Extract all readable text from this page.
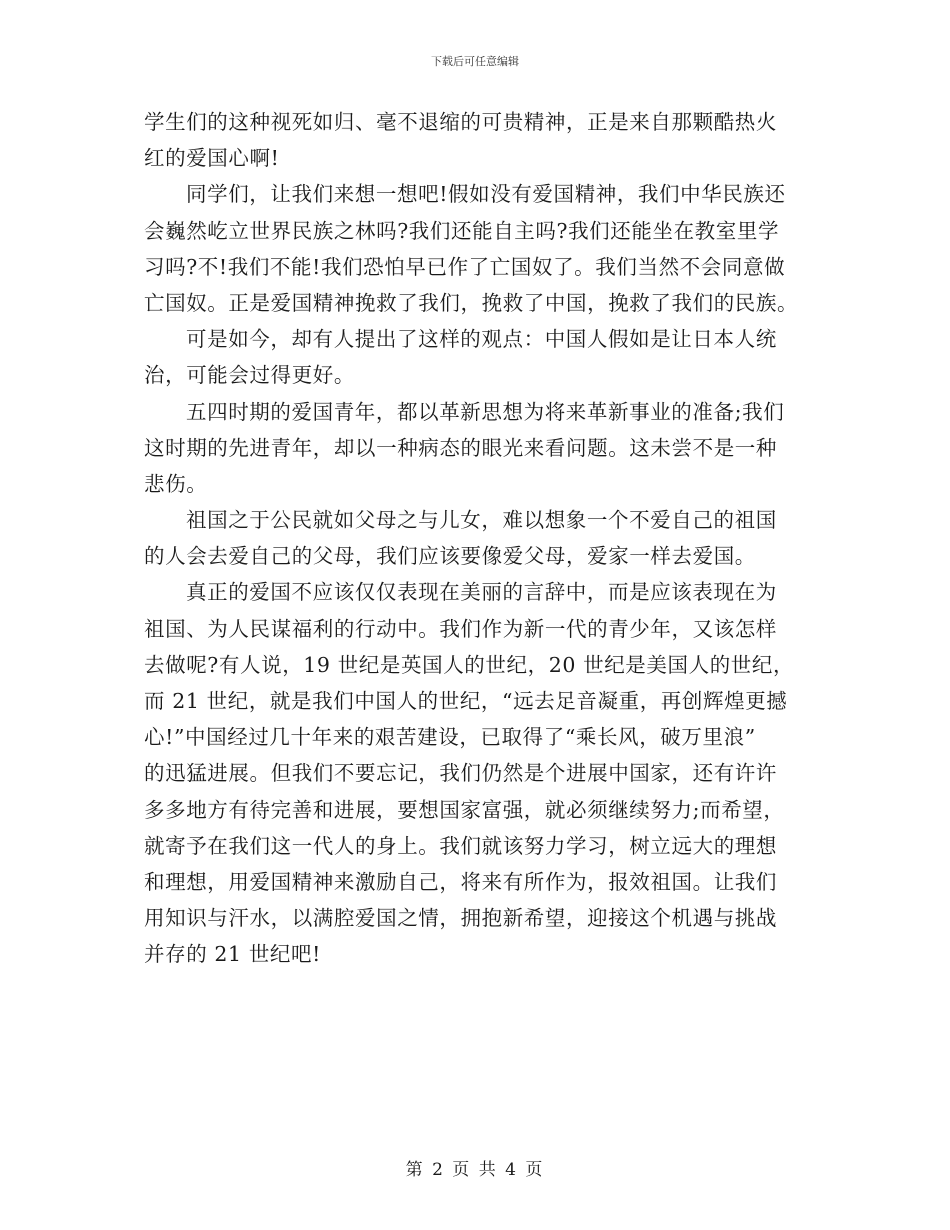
下载后可任意编辑
学生们的这种视死如归、毫不退缩的可贵精神，正是来自那颗酷热火
红的爱国心啊!
同学们，让我们来想一想吧!假如没有爱国精神，我们中华民族还
会巍然屹立世界民族之林吗?我们还能自主吗?我们还能坐在教室里学
习吗?不!我们不能!我们恐怕早已作了亡国奴了。我们当然不会同意做
亡国奴。正是爱国精神挽救了我们，挽救了中国，挽救了我们的民族。
可是如今，却有人提出了这样的观点：中国人假如是让日本人统
治，可能会过得更好。
五四时期的爱国青年，都以革新思想为将来革新事业的准备;我们
这时期的先进青年，却以一种病态的眼光来看问题。这未尝不是一种
悲伤。
祖国之于公民就如父母之与儿女，难以想象一个不爱自己的祖国
的人会去爱自己的父母，我们应该要像爱父母，爱家一样去爱国。
真正的爱国不应该仅仅表现在美丽的言辞中，而是应该表现在为
祖国、为人民谋福利的行动中。我们作为新一代的青少年，又该怎样
去做呢?有人说，19 世纪是英国人的世纪，20 世纪是美国人的世纪，
而 21 世纪，就是我们中国人的世纪，“远去足音凝重，再创辉煌更撼
心!”中国经过几十年来的艰苦建设，已取得了“乘长风，破万里浪”
的迅猛进展。但我们不要忘记，我们仍然是个进展中国家，还有许许
多多地方有待完善和进展，要想国家富强，就必须继续努力;而希望，
就寄予在我们这一代人的身上。我们就该努力学习，树立远大的理想
和理想，用爱国精神来激励自己，将来有所作为，报效祖国。让我们
用知识与汗水，以满腔爱国之情，拥抱新希望，迎接这个机遇与挑战
并存的 21 世纪吧!
第 2 页 共 4 页
